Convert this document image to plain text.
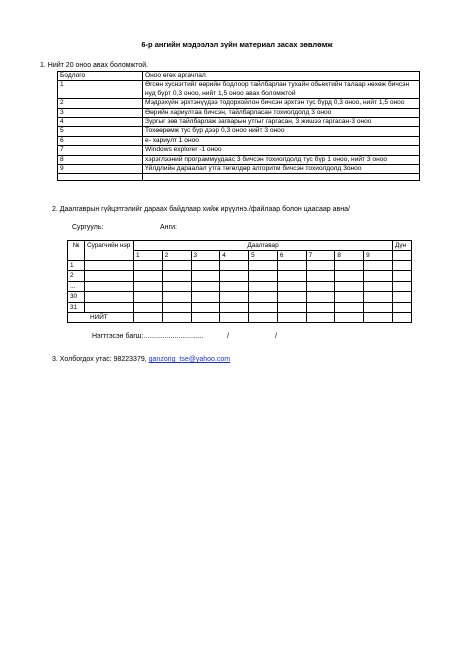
6-р ангийн мэдээлэл зүйн материал засах зөвлөмж
1. Нийт 20 оноо авах боломжтой.
Бодлого	Оноо өгөх аргачлал
1	Өгсөн хуснэгтийг өөрийн бодлоор тайлбарлан тухайн обьектийн талаар нөхөж бичсэн нуд бүрт 0,3 оноо, нийт 1,5 оноо авах боломжтой
2	Мэдрэхүйн эрхтэнүүдээ тодорхойлон бичсэн эрхтэн тус бүрд 0,3 оноо, нийт 1,5 оноо
3	Өөрийн хариултаа бичсэн, тайлбарласан тохиолдолд 3 оноо
4	Зүргыг зөв тайлбарлаж загварын утгыг гаргасан, 3 жишээ гаргасан-3 оноо
5	Тохөөрөмж тус бүр дээр 0,3 оноо нийт 3 оноо
6	е- хариулт 1 оноо
7	Windows explorer -1 оноо
8	хэрэглээний программуудаас 3 бичсэн тохиолдолд тус бүр 1 оноо, нийт 3 оноо
9	Үйлдлийн дараалал утга төгөлдөр алгоритм бичсэн тохиолдолд 3оноо

2. Даалгаврын гүйцэтгэлийг дараах байдлаар хийж ирүүлнэ./файлаар болон цаасаар авна/
Сургууль:	Анги:
№	Сурагчийн нэр	Даалгавар									Дүн
		1	2	3	4	5	6	7	8	9	
1											
2											
...											
30											
31											
НИЙТ											
Нэгтгэсэн багш:...............................	/	/
3. Холбогдох утас: 98223379, ganzorig_tse@yahoo.com
